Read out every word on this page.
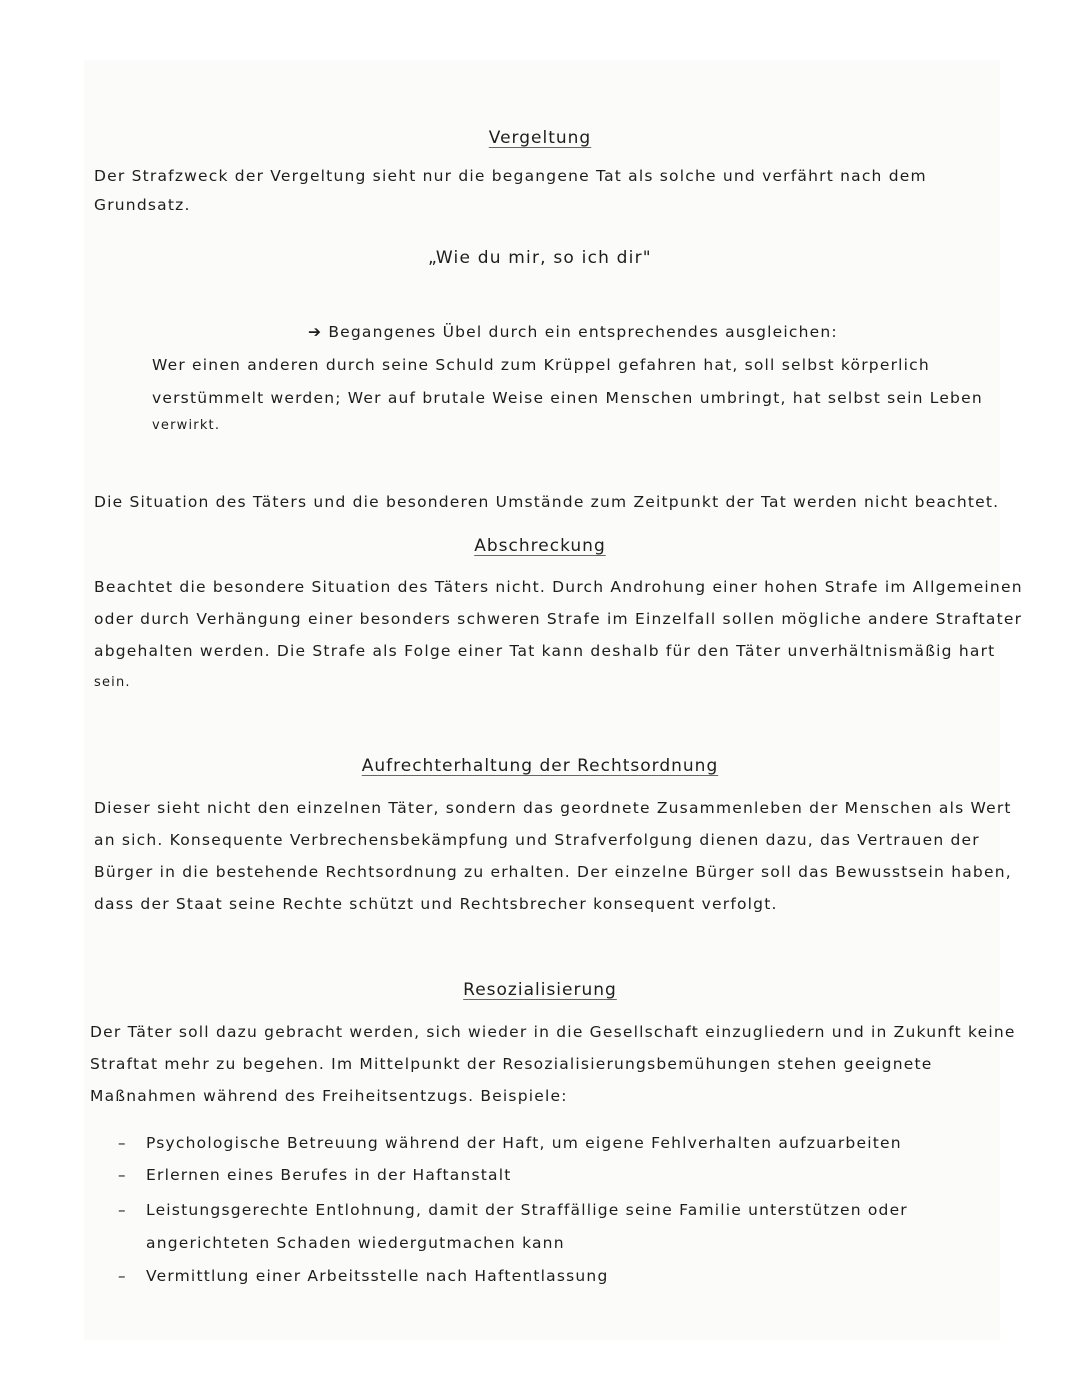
Vergeltung
Der Strafzweck der Vergeltung sieht nur die begangene Tat als solche und verfährt nach dem
Grundsatz.
„Wie du mir, so ich dir"
➔ Begangenes Übel durch ein entsprechendes ausgleichen:
Wer einen anderen durch seine Schuld zum Krüppel gefahren hat, soll selbst körperlich
verstümmelt werden; Wer auf brutale Weise einen Menschen umbringt, hat selbst sein Leben
verwirkt.
Die Situation des Täters und die besonderen Umstände zum Zeitpunkt der Tat werden nicht beachtet.
Abschreckung
Beachtet die besondere Situation des Täters nicht. Durch Androhung einer hohen Strafe im Allgemeinen
oder durch Verhängung einer besonders schweren Strafe im Einzelfall sollen mögliche andere Straftater
abgehalten werden. Die Strafe als Folge einer Tat kann deshalb für den Täter unverhältnismäßig hart
sein.
Aufrechterhaltung der Rechtsordnung
Dieser sieht nicht den einzelnen Täter, sondern das geordnete Zusammenleben der Menschen als Wert
an sich. Konsequente Verbrechensbekämpfung und Strafverfolgung dienen dazu, das Vertrauen der
Bürger in die bestehende Rechtsordnung zu erhalten. Der einzelne Bürger soll das Bewusstsein haben,
dass der Staat seine Rechte schützt und Rechtsbrecher konsequent verfolgt.
Resozialisierung
Der Täter soll dazu gebracht werden, sich wieder in die Gesellschaft einzugliedern und in Zukunft keine
Straftat mehr zu begehen. Im Mittelpunkt der Resozialisierungsbemühungen stehen geeignete
Maßnahmen während des Freiheitsentzugs. Beispiele:
– Psychologische Betreuung während der Haft, um eigene Fehlverhalten aufzuarbeiten
– Erlernen eines Berufes in der Haftanstalt
– Leistungsgerechte Entlohnung, damit der Straffällige seine Familie unterstützen oder
angerichteten Schaden wiedergutmachen kann
– Vermittlung einer Arbeitsstelle nach Haftentlassung
